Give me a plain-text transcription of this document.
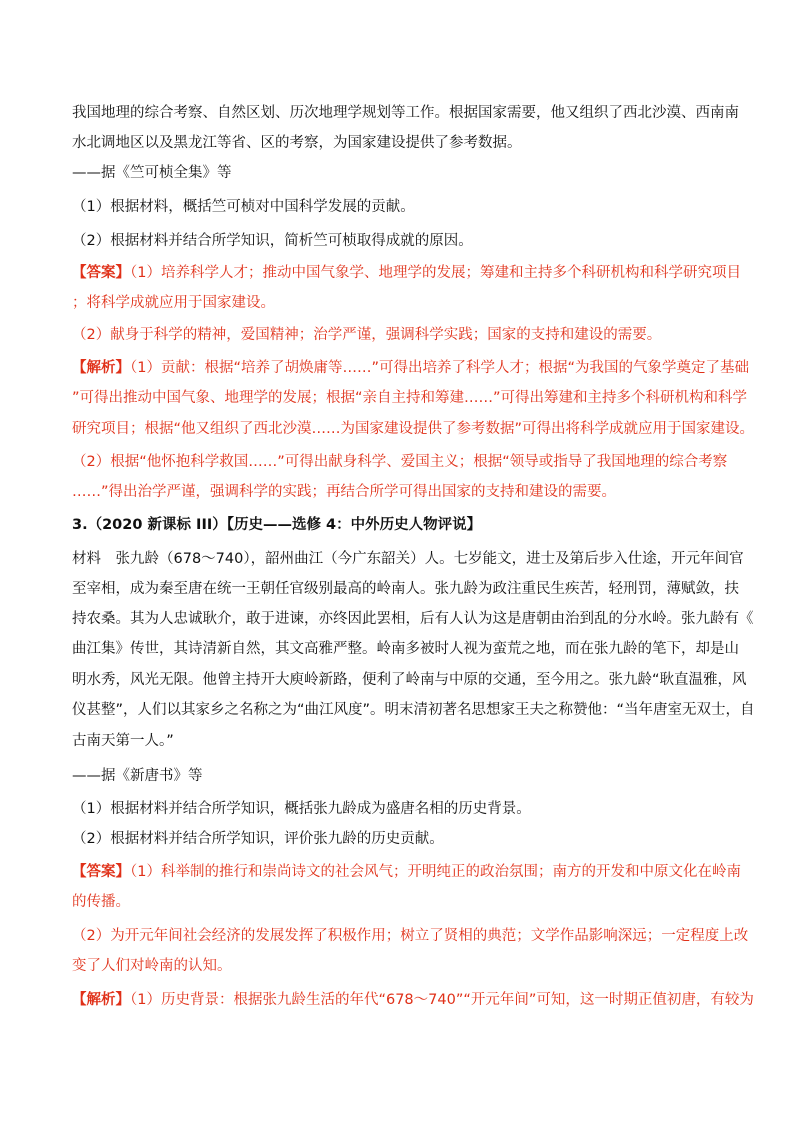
我国地理的综合考察、自然区划、历次地理学规划等工作。根据国家需要，他又组织了西北沙漠、西南南
水北调地区以及黑龙江等省、区的考察，为国家建设提供了参考数据。
——据《竺可桢全集》等
（1）根据材料，概括竺可桢对中国科学发展的贡献。
（2）根据材料并结合所学知识，简析竺可桢取得成就的原因。
【答案】（1）培养科学人才；推动中国气象学、地理学的发展；筹建和主持多个科研机构和科学研究项目
；将科学成就应用于国家建设。
（2）献身于科学的精神，爱国精神；治学严谨，强调科学实践；国家的支持和建设的需要。
【解析】（1）贡献：根据“培养了胡焕庸等……”可得出培养了科学人才；根据“为我国的气象学奠定了基础
”可得出推动中国气象、地理学的发展；根据“亲自主持和筹建……”可得出筹建和主持多个科研机构和科学
研究项目；根据“他又组织了西北沙漠……为国家建设提供了参考数据”可得出将科学成就应用于国家建设。
（2）根据“他怀抱科学救国……”可得出献身科学、爱国主义；根据“领导或指导了我国地理的综合考察
……”得出治学严谨，强调科学的实践；再结合所学可得出国家的支持和建设的需要。
3.（2020 新课标 III）【历史——选修 4：中外历史人物评说】
材料　张九龄（678～740），韶州曲江（今广东韶关）人。七岁能文，进士及第后步入仕途，开元年间官
至宰相，成为秦至唐在统一王朝任官级别最高的岭南人。张九龄为政注重民生疾苦，轻刑罚，薄赋敛，扶
持农桑。其为人忠诚耿介，敢于进谏，亦终因此罢相，后有人认为这是唐朝由治到乱的分水岭。张九龄有《
曲江集》传世，其诗清新自然，其文高雅严整。岭南多被时人视为蛮荒之地，而在张九龄的笔下，却是山
明水秀，风光无限。他曾主持开大庾岭新路，便利了岭南与中原的交通，至今用之。张九龄“耿直温雅，风
仪甚整”，人们以其家乡之名称之为“曲江风度”。明末清初著名思想家王夫之称赞他：“当年唐室无双士，自
古南天第一人。”
——据《新唐书》等
（1）根据材料并结合所学知识，概括张九龄成为盛唐名相的历史背景。
（2）根据材料并结合所学知识，评价张九龄的历史贡献。
【答案】（1）科举制的推行和崇尚诗文的社会风气；开明纯正的政治氛围；南方的开发和中原文化在岭南
的传播。
（2）为开元年间社会经济的发展发挥了积极作用；树立了贤相的典范；文学作品影响深远；一定程度上改
变了人们对岭南的认知。
【解析】（1）历史背景：根据张九龄生活的年代“678～740”“开元年间”可知，这一时期正值初唐，有较为
